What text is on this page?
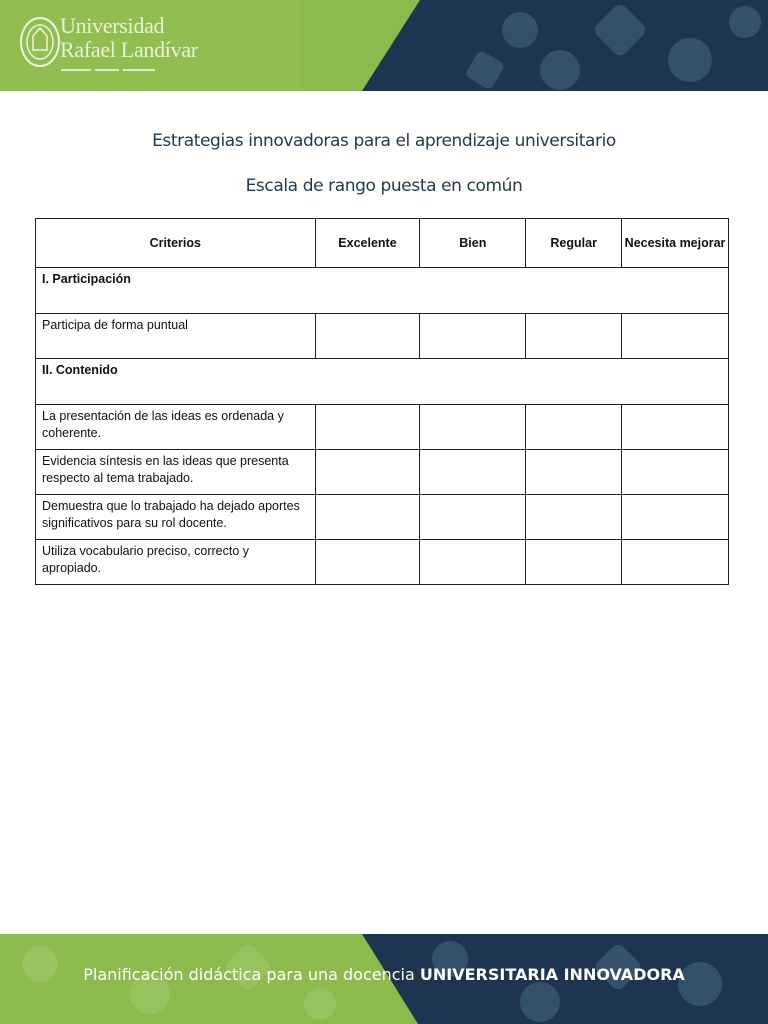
Universidad
Rafael Landívar
Estrategias innovadoras para el aprendizaje universitario
Escala de rango puesta en común
Criterios	Excelente	Bien	Regular	Necesita mejorar
I. Participación				
Participa de forma puntual				
II. Contenido				
La presentación de las ideas es ordenada y coherente.				
Evidencia síntesis en las ideas que presenta respecto al tema trabajado.				
Demuestra que lo trabajado ha dejado aportes significativos para su rol docente.				
Utiliza vocabulario preciso, correcto y apropiado.				
Planificación didáctica para una docencia UNIVERSITARIA INNOVADORA
